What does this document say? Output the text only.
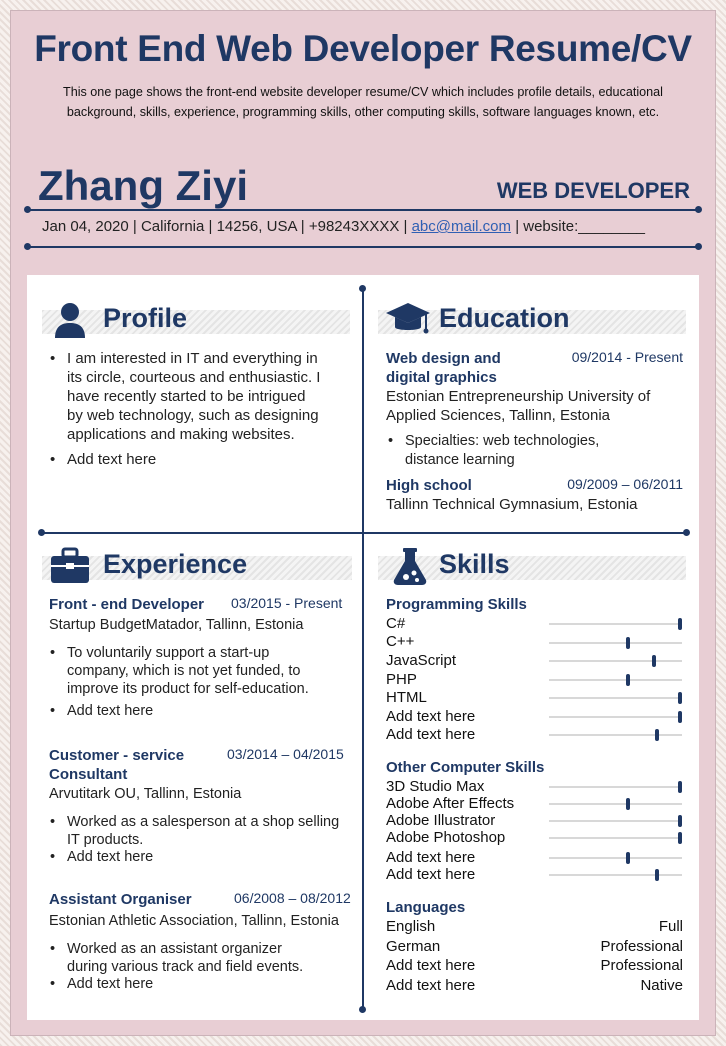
Front End Web Developer Resume/CV
This one page shows the front-end website developer resume/CV which includes profile details, educational
background, skills, experience, programming skills, other computing skills, software languages known, etc.
Zhang Ziyi	WEB DEVELOPER
Jan 04, 2020 | California | 14256, USA | +98243XXXX | abc@mail.com | website:________
Profile
• I am interested in IT and everything in
its circle, courteous and enthusiastic. I
have recently started to be intrigued
by web technology, such as designing
applications and making websites.
• Add text here
Education
Web design and
digital graphics
09/2014 - Present
Estonian Entrepreneurship University of
Applied Sciences, Tallinn, Estonia
• Specialties: web technologies,
distance learning
High school	09/2009 – 06/2011
Tallinn Technical Gymnasium, Estonia
Experience
Front - end Developer 03/2015 - Present
Startup BudgetMatador, Tallinn, Estonia
• To voluntarily support a start-up
company, which is not yet funded, to
improve its product for self-education.
• Add text here
Customer - service
Consultant
03/2014 – 04/2015
Arvutitark OU, Tallinn, Estonia
• Worked as a salesperson at a shop selling
IT products.
• Add text here
Assistant Organiser	06/2008 – 08/2012
Estonian Athletic Association, Tallinn, Estonia
• Worked as an assistant organizer
during various track and field events.
• Add text here
Skills
Programming Skills
C#
C++
JavaScript
PHP
HTML
Add text here
Add text here
Other Computer Skills
3D Studio Max
Adobe After Effects
Adobe Illustrator
Adobe Photoshop
Add text here
Add text here
Languages
English	Full
German	Professional
Add text here	Professional
Add text here	Native
